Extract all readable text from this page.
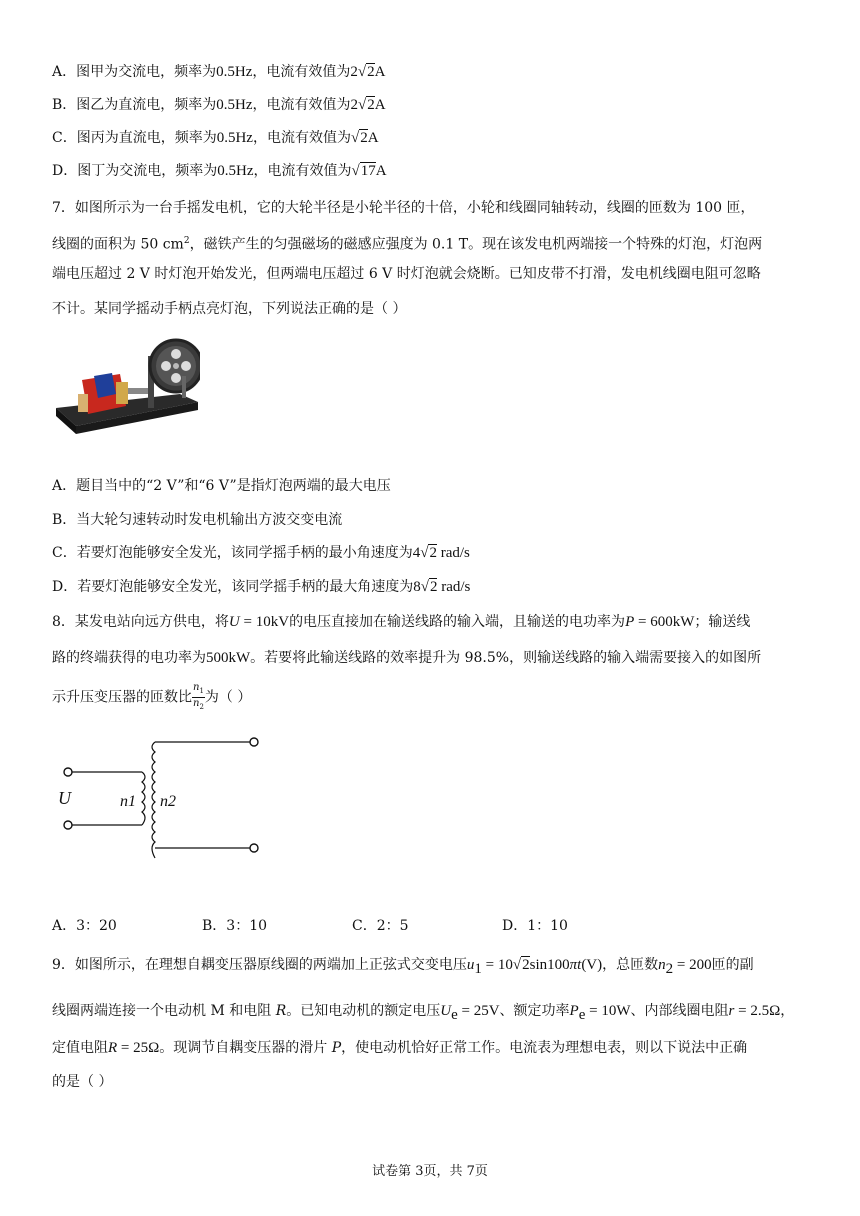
A．图甲为交流电，频率为0.5Hz，电流有效值为2√2A
B．图乙为直流电，频率为0.5Hz，电流有效值为2√2A
C．图丙为直流电，频率为0.5Hz，电流有效值为√2A
D．图丁为交流电，频率为0.5Hz，电流有效值为√17A
7．如图所示为一台手摇发电机，它的大轮半径是小轮半径的十倍，小轮和线圈同轴转动，线圈的匝数为 100 匝，
线圈的面积为 50 $cm^2$，磁铁产生的匀强磁场的磁感应强度为 0.1 T。现在该发电机两端接一个特殊的灯泡，灯泡两
端电压超过 2 V 时灯泡开始发光，但两端电压超过 6 V 时灯泡就会烧断。已知皮带不打滑，发电机线圈电阻可忽略
不计。某同学摇动手柄点亮灯泡，下列说法正确的是（ ）
A．题目当中的“2 V”和“6 V”是指灯泡两端的最大电压
B．当大轮匀速转动时发电机输出方波交变电流
C．若要灯泡能够安全发光，该同学摇手柄的最小角速度为4√2 rad/s
D．若要灯泡能够安全发光，该同学摇手柄的最大角速度为8√2 rad/s
8．某发电站向远方供电，将U = 10kV的电压直接加在输送线路的输入端，且输送的电功率为P = 600kW；输送线
路的终端获得的电功率为500kW。若要将此输送线路的效率提升为 98.5%，则输送线路的输入端需要接入的如图所
示升压变压器的匝数比 $\frac{n_1}{n_2}$ 为（ ）
U	n1 n2
A．3：20	B．3：10	C．2：5	D．1：10
9．如图所示，在理想自耦变压器原线圈的两端加上正弦式交变电压$u_1 = 10√2\sin 100\pi t(V)$，总匝数$n_2 = 200$匝的副
线圈两端连接一个电动机 M 和电阻 R。已知电动机的额定电压$U_e = 25V$、额定功率$P_e = 10W$、内部线圈电阻r = 2.5Ω，
定值电阻R = 25Ω。现调节自耦变压器的滑片 P，使电动机恰好正常工作。电流表为理想电表，则以下说法中正确
的是（ ）
试卷第 3页，共 7页
